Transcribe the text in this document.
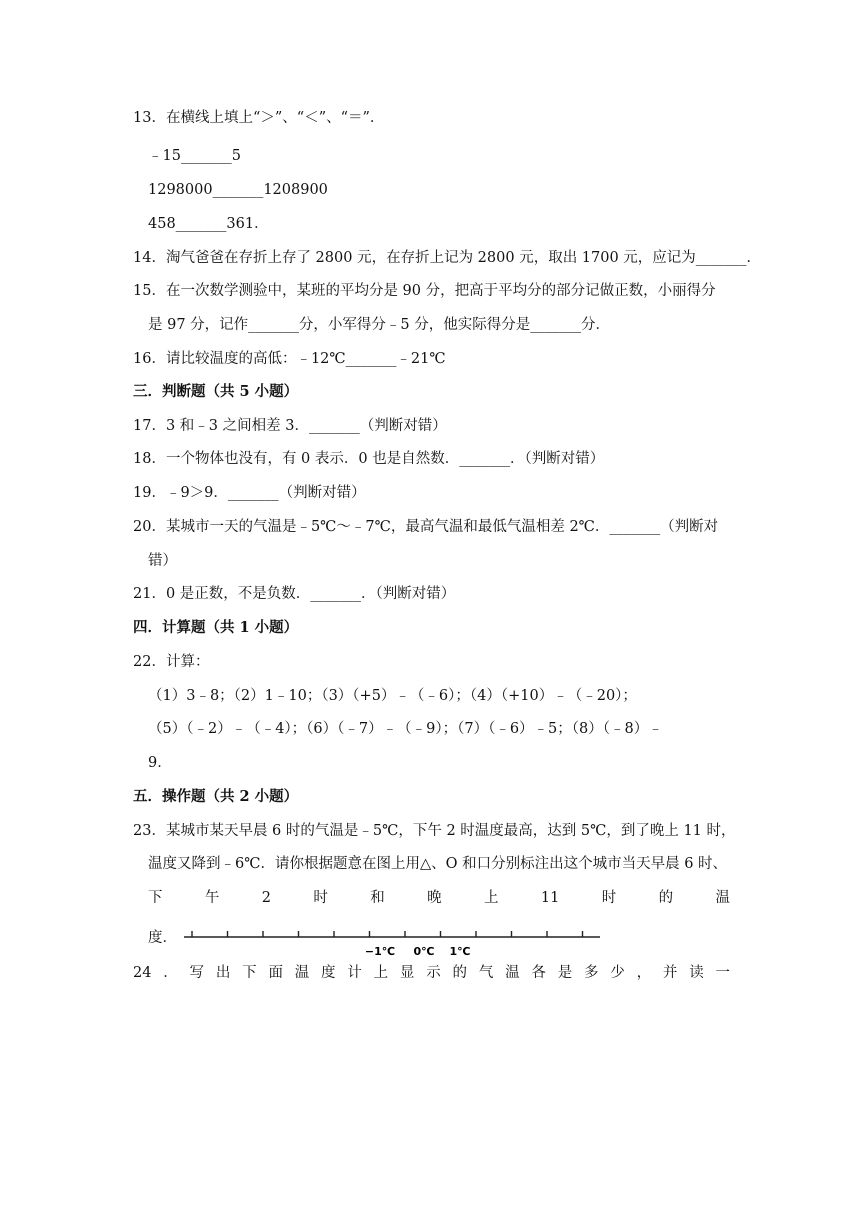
13．在横线上填上“＞”、“＜”、“＝”．
﹣15_______5
1298000_______1208900
458_______361．
14．淘气爸爸在存折上存了 2800 元，在存折上记为 2800 元，取出 1700 元，应记为_______．
15．在一次数学测验中，某班的平均分是 90 分，把高于平均分的部分记做正数，小丽得分
是 97 分，记作_______分，小军得分﹣5 分，他实际得分是_______分．
16．请比较温度的高低：﹣12℃_______﹣21℃
三．判断题（共 5 小题）
17．3 和﹣3 之间相差 3．_______（判断对错）
18．一个物体也没有，有 0 表示．0 也是自然数．_______．（判断对错）
19．﹣9＞9．_______（判断对错）
20．某城市一天的气温是﹣5℃～﹣7℃，最高气温和最低气温相差 2℃．_______（判断对
错）
21．0 是正数，不是负数．_______．（判断对错）
四．计算题（共 1 小题）
22．计算：
（1）3﹣8；（2）1﹣10；（3）（+5）﹣（﹣6）；（4）（+10）﹣（﹣20）；
（5）（﹣2）﹣（﹣4）；（6）（﹣7）﹣（﹣9）；（7）（﹣6）﹣5；（8）（﹣8）﹣
9．
五．操作题（共 2 小题）
23．某城市某天早晨 6 时的气温是﹣5℃，下午 2 时温度最高，达到 5℃，到了晚上 11 时，
温度又降到﹣6℃．请你根据题意在图上用△、O 和口分别标注出这个城市当天早晨 6 时、
下	午	2	时	和	晚	上	11	时	的	温
度．
−1℃ 0℃ 1℃
24 ． 写 出 下 面 温 度 计 上 显 示 的 气 温 各 是 多 少 ， 并 读 一
